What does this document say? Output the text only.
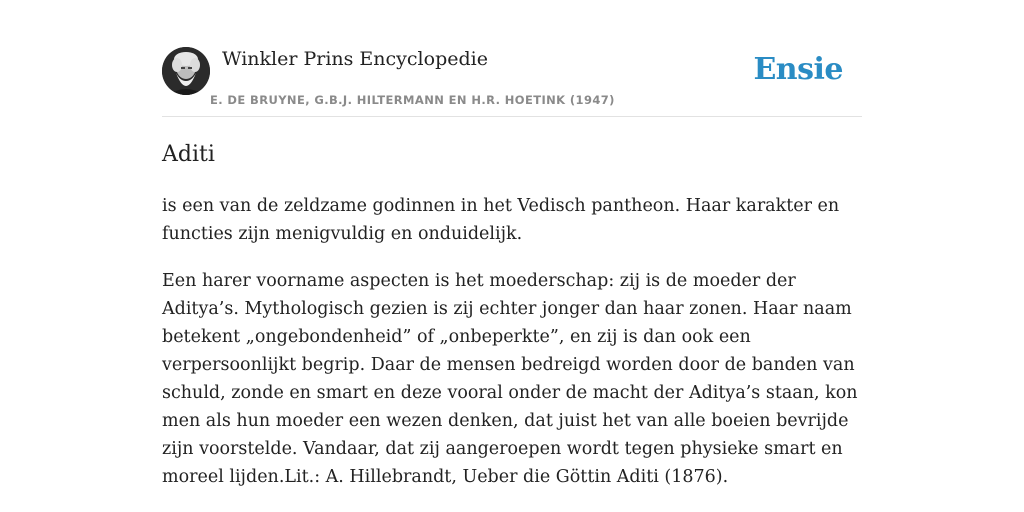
Winkler Prins Encyclopedie
E. DE BRUYNE, G.B.J. HILTERMANN EN H.R. HOETINK (1947)
Ensie
Aditi

is een van de zeldzame godinnen in het Vedisch pantheon. Haar karakter en functies zijn menigvuldig en onduidelijk.

Een harer voorname aspecten is het moederschap: zij is de moeder der Aditya’s. Mythologisch gezien is zij echter jonger dan haar zonen. Haar naam betekent „ongebondenheid” of „onbeperkte”, en zij is dan ook een verpersoonlijkt begrip. Daar de mensen bedreigd worden door de banden van schuld, zonde en smart en deze vooral onder de macht der Aditya’s staan, kon men als hun moeder een wezen denken, dat juist het van alle boeien bevrijde zijn voorstelde. Vandaar, dat zij aangeroepen wordt tegen physieke smart en moreel lijden.Lit.: A. Hillebrandt, Ueber die Göttin Aditi (1876).
